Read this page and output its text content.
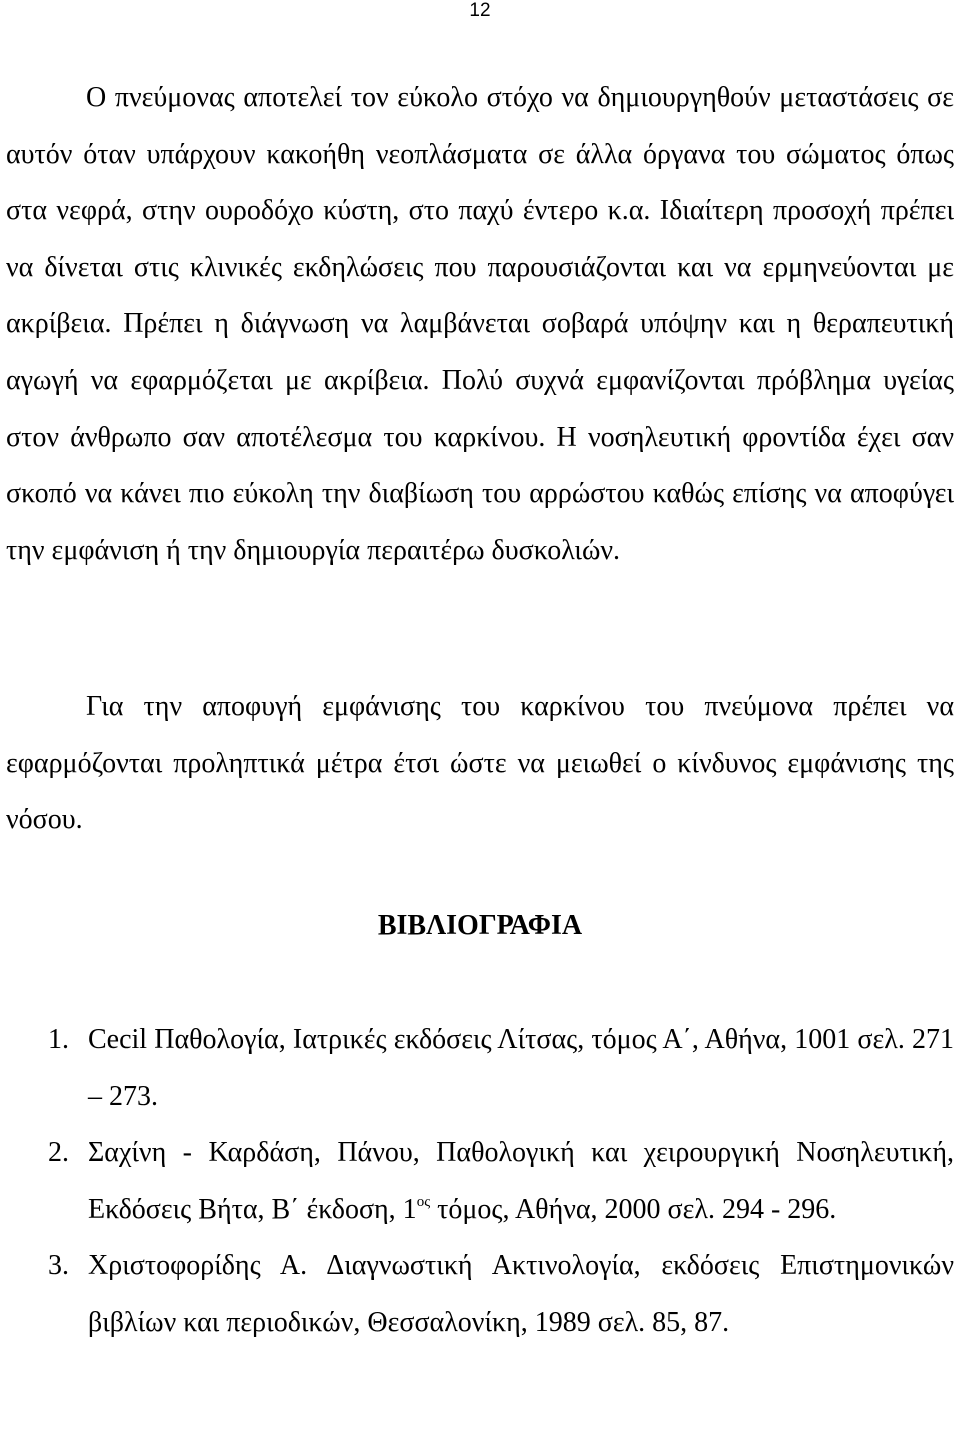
12

Ο πνεύμονας αποτελεί τον εύκολο στόχο να δημιουργηθούν μεταστάσεις σε αυτόν όταν υπάρχουν κακοήθη νεοπλάσματα σε άλλα όργανα του σώματος όπως στα νεφρά, στην ουροδόχο κύστη, στο παχύ έντερο κ.α. Ιδιαίτερη προσοχή πρέπει να δίνεται στις κλινικές εκδηλώσεις που παρουσιάζονται και να ερμηνεύονται με ακρίβεια. Πρέπει η διάγνωση να λαμβάνεται σοβαρά υπόψην και η θεραπευτική αγωγή να εφαρμόζεται με ακρίβεια. Πολύ συχνά εμφανίζονται πρόβλημα υγείας στον άνθρωπο σαν αποτέλεσμα του καρκίνου. Η νοσηλευτική φροντίδα έχει σαν σκοπό να κάνει πιο εύκολη την διαβίωση του αρρώστου καθώς επίσης να αποφύγει την εμφάνιση ή την δημιουργία περαιτέρω δυσκολιών.

Για την αποφυγή εμφάνισης του καρκίνου του πνεύμονα πρέπει να εφαρμόζονται προληπτικά μέτρα έτσι ώστε να μειωθεί ο κίνδυνος εμφάνισης της νόσου.

ΒΙΒΛΙΟΓΡΑΦΙΑ
1. Cecil Παθολογία, Ιατρικές εκδόσεις Λίτσας, τόμος Α΄, Αθήνα, 1001 σελ. 271 – 273.
2. Σαχίνη - Καρδάση, Πάνου, Παθολογική και χειρουργική Νοσηλευτική, Εκδόσεις Βήτα, Β΄ έκδοση, 1$^{o\varsigma}$ τόμος, Αθήνα, 2000 σελ. 294 - 296.
3. Χριστοφορίδης Α. Διαγνωστική Ακτινολογία, εκδόσεις Επιστημονικών βιβλίων και περιοδικών, Θεσσαλονίκη, 1989 σελ. 85, 87.
